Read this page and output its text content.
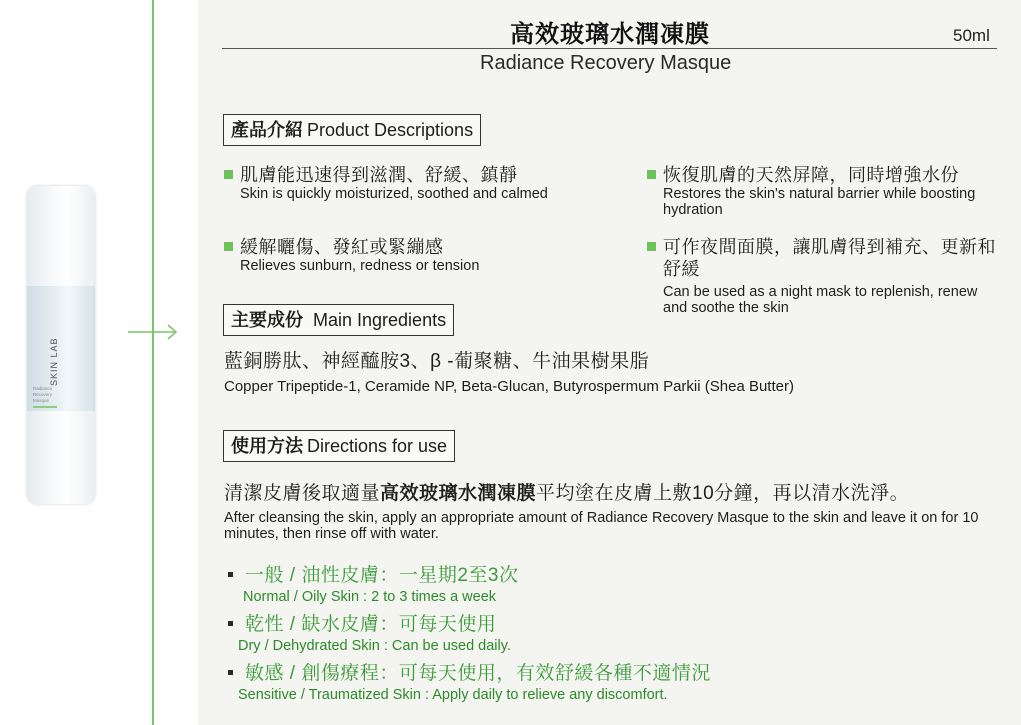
SKIN LAB
Radiance
Recovery
Masque
高效玻璃水潤凍膜	50ml
Radiance Recovery Masque
產品介紹 Product Descriptions
肌膚能迅速得到滋潤、舒緩、鎮靜
Skin is quickly moisturized, soothed and calmed
恢復肌膚的天然屏障，同時增強水份
Restores the skin's natural barrier while boosting hydration
緩解曬傷、發紅或緊繃感
Relieves sunburn, redness or tension
可作夜間面膜，讓肌膚得到補充、更新和舒緩
Can be used as a night mask to replenish, renew and soothe the skin
主要成份 Main Ingredients
藍銅勝肽、神經醯胺3、β -葡聚糖、牛油果樹果脂
Copper Tripeptide-1, Ceramide NP, Beta-Glucan, Butyrospermum Parkii (Shea Butter)
使用方法 Directions for use
清潔皮膚後取適量高效玻璃水潤凍膜平均塗在皮膚上敷10分鐘，再以清水洗淨。
After cleansing the skin, apply an appropriate amount of Radiance Recovery Masque to the skin and leave it on for 10 minutes, then rinse off with water.
一般 / 油性皮膚：一星期2至3次
Normal / Oily Skin : 2 to 3 times a week
乾性 / 缺水皮膚：可每天使用
Dry / Dehydrated Skin : Can be used daily.
敏感 / 創傷療程：可每天使用，有效舒緩各種不適情況
Sensitive / Traumatized Skin : Apply daily to relieve any discomfort.
